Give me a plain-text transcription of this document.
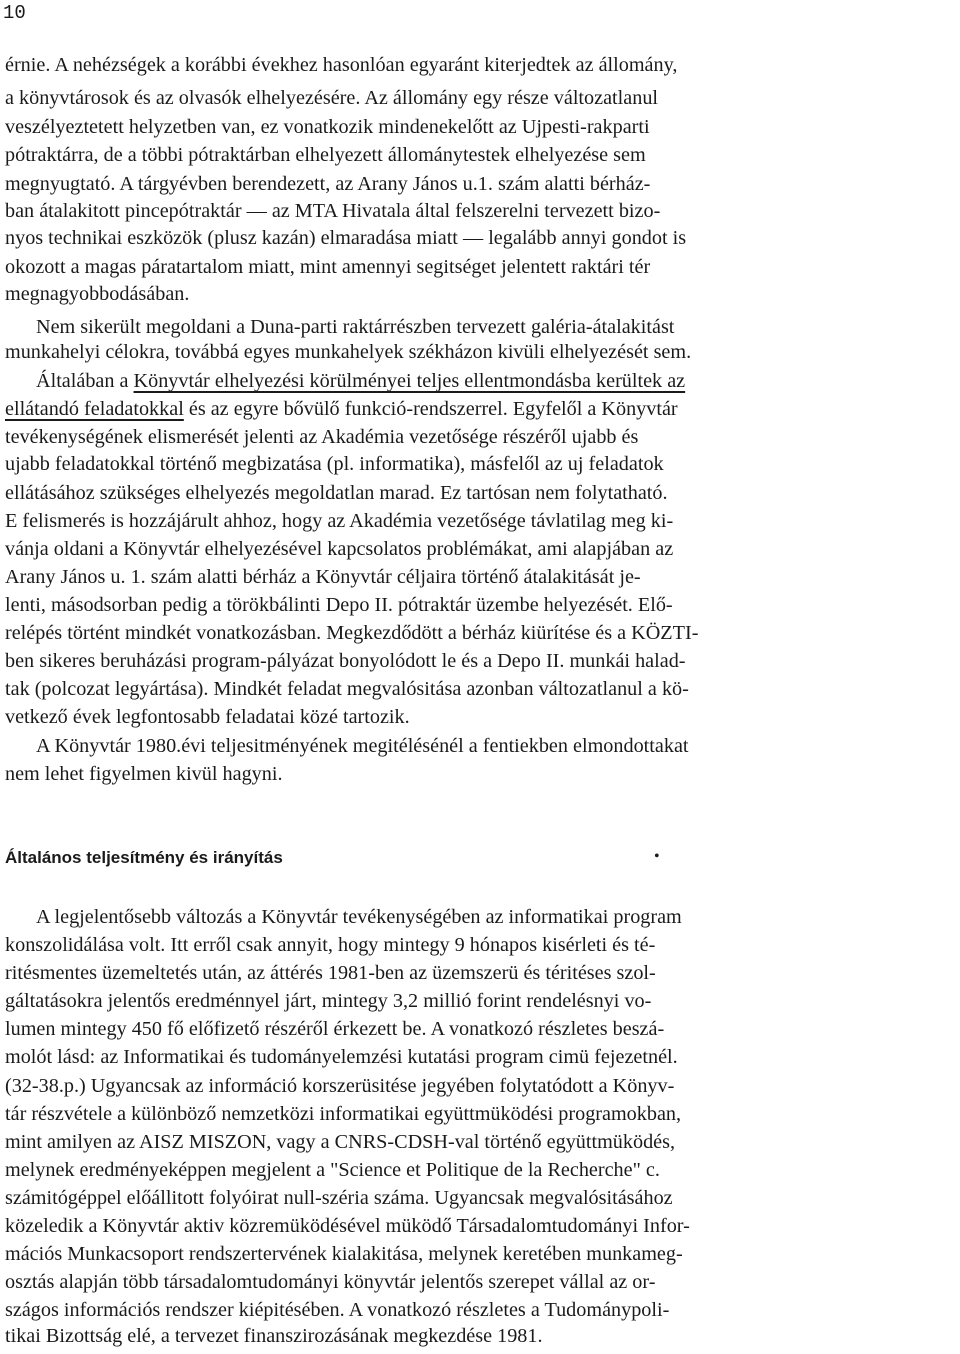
10
érnie. A nehézségek a korábbi évekhez hasonlóan egyaránt kiterjedtek az állomány,
a könyvtárosok és az olvasók elhelyezésére. Az állomány egy része változatlanul
veszélyeztetett helyzetben van, ez vonatkozik mindenekelőtt az Ujpesti-rakparti
pótraktárra, de a többi pótraktárban elhelyezett állománytestek elhelyezése sem
megnyugtató. A tárgyévben berendezett, az Arany János u.1. szám alatti bérház-
ban átalakitott pincepótraktár — az MTA Hivatala által felszerelni tervezett bizo-
nyos technikai eszközök (plusz kazán) elmaradása miatt — legalább annyi gondot is
okozott a magas páratartalom miatt, mint amennyi segitséget jelentett raktári tér
megnagyobbodásában.
Nem sikerült megoldani a Duna-parti raktárrészben tervezett galéria-átalakitást
munkahelyi célokra, továbbá egyes munkahelyek székházon kivüli elhelyezését sem.
Általában a Könyvtár elhelyezési körülményei teljes ellentmondásba kerültek az
ellátandó feladatokkal és az egyre bővülő funkció-rendszerrel. Egyfelől a Könyvtár
tevékenységének elismerését jelenti az Akadémia vezetősége részéről ujabb és
ujabb feladatokkal történő megbizatása (pl. informatika), másfelől az uj feladatok
ellátásához szükséges elhelyezés megoldatlan marad. Ez tartósan nem folytatható.
E felismerés is hozzájárult ahhoz, hogy az Akadémia vezetősége távlatilag meg ki-
vánja oldani a Könyvtár elhelyezésével kapcsolatos problémákat, ami alapjában az
Arany János u. 1. szám alatti bérház a Könyvtár céljaira történő átalakitását je-
lenti, másodsorban pedig a törökbálinti Depo II. pótraktár üzembe helyezését. Elő-
relépés történt mindkét vonatkozásban. Megkezdődött a bérház kiürítése és a KÖZTI-
ben sikeres beruházási program-pályázat bonyolódott le és a Depo II. munkái halad-
tak (polcozat legyártása). Mindkét feladat megvalósitása azonban változatlanul a kö-
vetkező évek legfontosabb feladatai közé tartozik.
A Könyvtár 1980.évi teljesitményének megitélésénél a fentiekben elmondottakat
nem lehet figyelmen kivül hagyni.
Általános teljesítmény és irányítás	•
A legjelentősebb változás a Könyvtár tevékenységében az informatikai program
konszolidálása volt. Itt erről csak annyit, hogy mintegy 9 hónapos kisérleti és té-
ritésmentes üzemeltetés után, az áttérés 1981-ben az üzemszerü és téritéses szol-
gáltatásokra jelentős eredménnyel járt, mintegy 3,2 millió forint rendelésnyi vo-
lumen mintegy 450 fő előfizető részéről érkezett be. A vonatkozó részletes beszá-
molót lásd: az Informatikai és tudományelemzési kutatási program cimü fejezetnél.
(32-38.p.) Ugyancsak az információ korszerüsitése jegyében folytatódott a Könyv-
tár részvétele a különböző nemzetközi informatikai együttmüködési programokban,
mint amilyen az AISZ MISZON, vagy a CNRS-CDSH-val történő együttmüködés,
melynek eredményeképpen megjelent a "Science et Politique de la Recherche" c.
számitógéppel előállitott folyóirat null-széria száma. Ugyancsak megvalósitásához
közeledik a Könyvtár aktiv közremüködésével müködő Társadalomtudományi Infor-
mációs Munkacsoport rendszertervének kialakitása, melynek keretében munkameg-
osztás alapján több társadalomtudományi könyvtár jelentős szerepet vállal az or-
szágos információs rendszer kiépitésében. A vonatkozó részletes a Tudománypoli-
tikai Bizottság elé, a tervezet finanszirozásának megkezdése 1981.
